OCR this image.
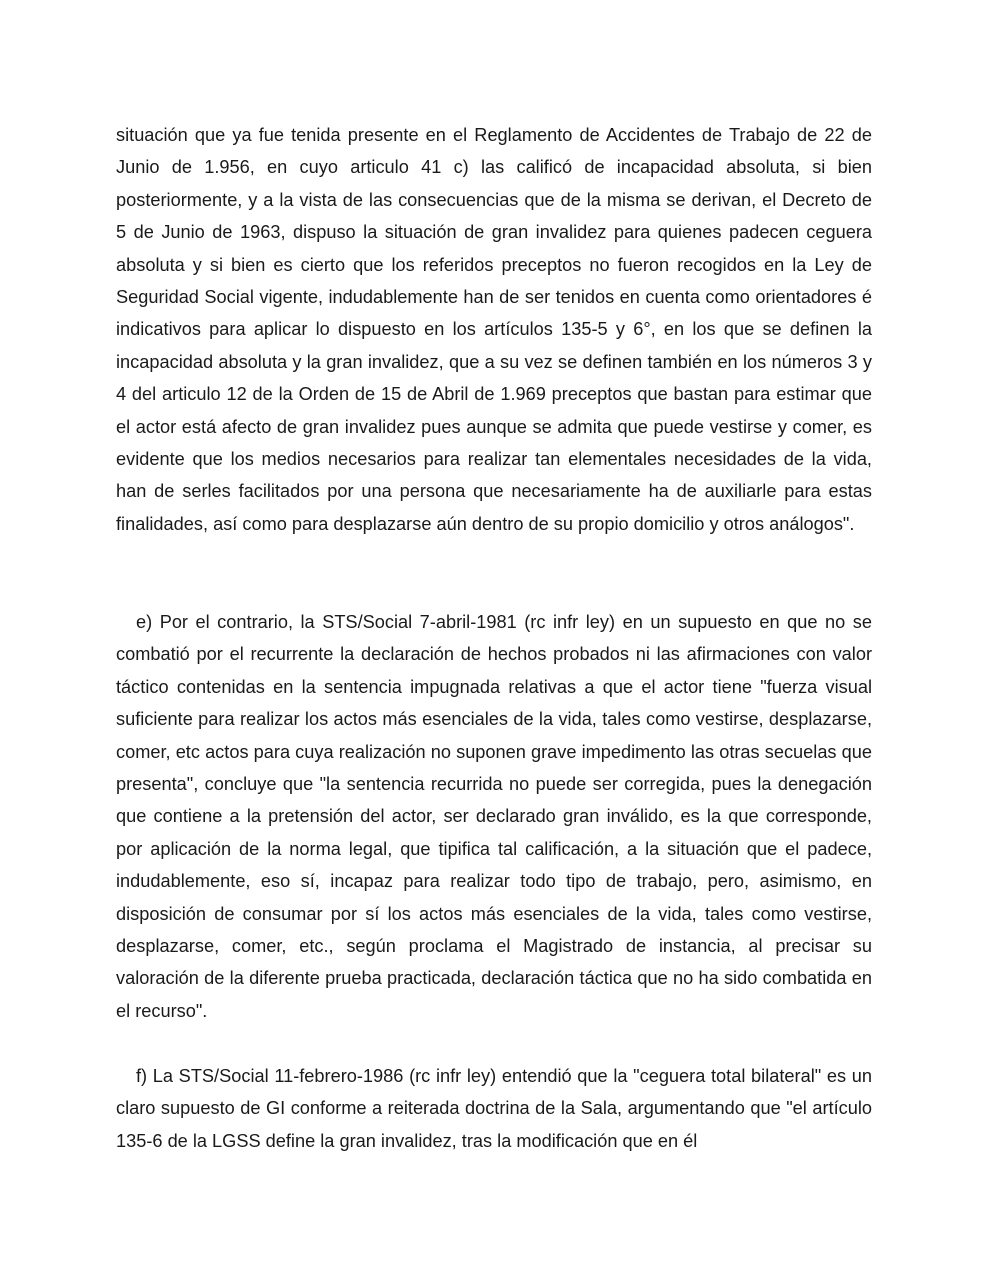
situación que ya fue tenida presente en el Reglamento de Accidentes de Trabajo de 22 de Junio de 1.956, en cuyo articulo 41 c) las calificó de incapacidad absoluta, si bien posteriormente, y a la vista de las consecuencias que de la misma se derivan, el Decreto de 5 de Junio de 1963, dispuso la situación de gran invalidez para quienes padecen ceguera absoluta y si bien es cierto que los referidos preceptos no fueron recogidos en la Ley de Seguridad Social vigente, indudablemente han de ser tenidos en cuenta como orientadores é indicativos para aplicar lo dispuesto en los artículos 135-5 y 6°, en los que se definen la incapacidad absoluta y la gran invalidez, que a su vez se definen también en los números 3 y 4 del articulo 12 de la Orden de 15 de Abril de 1.969 preceptos que bastan para estimar que el actor está afecto de gran invalidez pues aunque se admita que puede vestirse y comer, es evidente que los medios necesarios para realizar tan elementales necesidades de la vida, han de serles facilitados por una persona que necesariamente ha de auxiliarle para estas finalidades, así como para desplazarse aún dentro de su propio domicilio y otros análogos".

e) Por el contrario, la STS/Social 7-abril-1981 (rc infr ley) en un supuesto en que no se combatió por el recurrente la declaración de hechos probados ni las afirmaciones con valor táctico contenidas en la sentencia impugnada relativas a que el actor tiene "fuerza visual suficiente para realizar los actos más esenciales de la vida, tales como vestirse, desplazarse, comer, etc actos para cuya realización no suponen grave impedimento las otras secuelas que presenta", concluye que "la sentencia recurrida no puede ser corregida, pues la denegación que contiene a la pretensión del actor, ser declarado gran inválido, es la que corresponde, por aplicación de la norma legal, que tipifica tal calificación, a la situación que el padece, indudablemente, eso sí, incapaz para realizar todo tipo de trabajo, pero, asimismo, en disposición de consumar por sí los actos más esenciales de la vida, tales como vestirse, desplazarse, comer, etc., según proclama el Magistrado de instancia, al precisar su valoración de la diferente prueba practicada, declaración táctica que no ha sido combatida en el recurso".

f) La STS/Social 11-febrero-1986 (rc infr ley) entendió que la "ceguera total bilateral" es un claro supuesto de GI conforme a reiterada doctrina de la Sala, argumentando que "el artículo 135-6 de la LGSS define la gran invalidez, tras la modificación que en él
